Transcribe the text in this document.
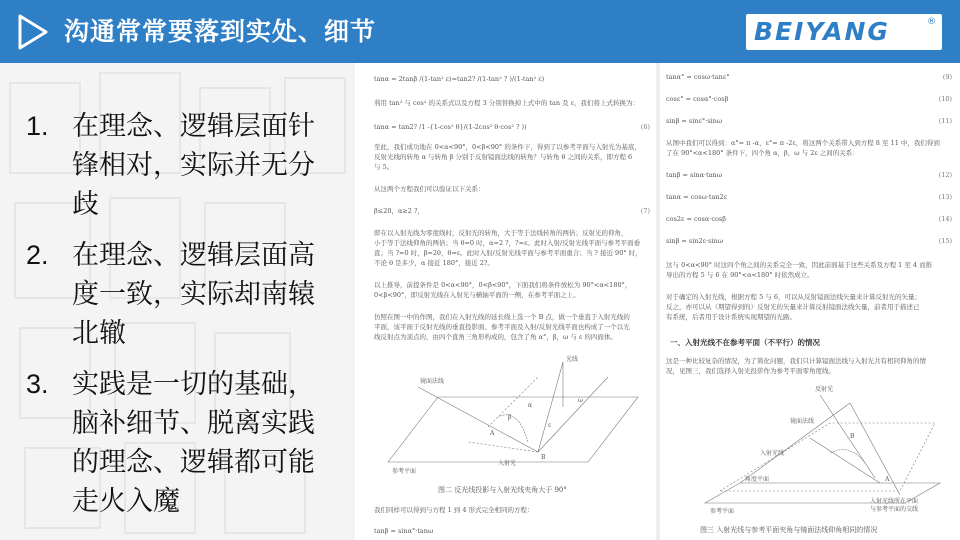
沟通常常要落到实处、细节	BEIYANG	®
1. 在理念、逻辑层面针锋相对，实际并无分歧
2. 在理念、逻辑层面高度一致，实际却南辕北辙
3. 实践是一切的基础，脑补细节、脱离实践的理念、逻辑都可能走火入魔
tanα = 2tanβ /(1-tan² ε)=tan2? /(1-tan² ? )/(1-tan² ε)
利用 tan² 与 cos² 的关系式以及方程 3 分别替换掉上式中的 tan 及 ε，我们将上式转换为：
tanα = tan2? /1 -{1-cos² θ}/(1-2cos² θ·cos² ? ))	(6)
至此，我们成功地在 0<α<90°，0<β<90° 的条件下，得到了以参考平面与入射光为基底，
反射光线的转角 α 与转角 β 分别于反射镜面法线的转角？与转角 θ 之间的关系，即方程 6
与 5。
从这两个方程我们可以验证以下关系：
β≤20，α≥2 ?，	(7)
即在以入射光线为零度线时，反射光的转角，大于等于法线转角的两倍；反射光的仰角，
小于等于法线仰角的两倍；当 θ=0 时，α=2 ?，?=ε。此时入射/反射光线平面与参考平面垂
直；当 ?=0 时，β=2θ，θ=ε。此时入射/反射光线平面与参考平面重合；当 ? 接近 90° 时，
不论 θ 是多少，α 接近 180°，接近 2?。
以上推导，前提条件是 0<α<90°，0<β<90°，下面我们将条件放松为 90°<α<180°，
0<β<90°，即反射光线在入射光与横轴平面的一侧，在参考平面之上。
仿照在图一中的作图，我们在入射光线的延长线上选一个 B 点，做一个垂直于入射光线的
平面，该平面于反射光线的垂直投影面、参考平面及入射/反射光线平面也构成了一个以光
线反射点为顶点的，由四个直角三角形构成的，包含了角 α°，β，ω 与 ε 的四面体。
镜面法线
光线
入射光
参考平面
A
B
β
α
ε
ω
图二 反光线投影与入射光线夹角大于 90°
我们同样可以得到与方程 1 到 4 形式完全相同的方程：
tanβ = sinα°·tanω
tanα° = cosω·tanε°	(9)
cosε° = cosα°·cosβ	(10)
sinβ = sinε°·sinω	(11)
从图中我们可以得到：α°= π -α，ε°= π -2ε，将这两个关系带入到方程 8 至 11 中，我们得到
了在 90°<α<180° 条件下，四个角 α，β，ω 与 2ε 之间的关系：
tanβ = sinα·tanω	(12)
tanα = cosω·tan2ε	(13)
cos2ε = cosα·cosβ	(14)
sinβ = sin2ε·sinω	(15)
这与 0<α<90° 时这四个角之间的关系完全一致，因此前面基于这些关系及方程 1 至 4 而推
导出的方程 5 与 6 在 90°<α<180° 时依然成立。
对于确定的入射光线，根据方程 5 与 6，可以从反射镜面法线矢量来计算反射光的矢量；
反之，亦可以从（期望得到的）反射光的矢量来计算反射镜面法线矢量，前者用于描述已
有系统，后者用于设计系统实现期望的光路。
一、入射光线不在参考平面（不平行）的情况
这是一种比较复杂的情况，为了简化问题，我们只计算镜面法线与入射光共有相同仰角的情
况，见图三，我们选择入射光投影作为参考平面零角度线。
反射光
镜面法线
入射光线
角度平面
参考平面
B
A
入射光线所在平面
与参考平面的交线
图三 入射光线与参考平面夹角与镜面法线仰角相同的情况
